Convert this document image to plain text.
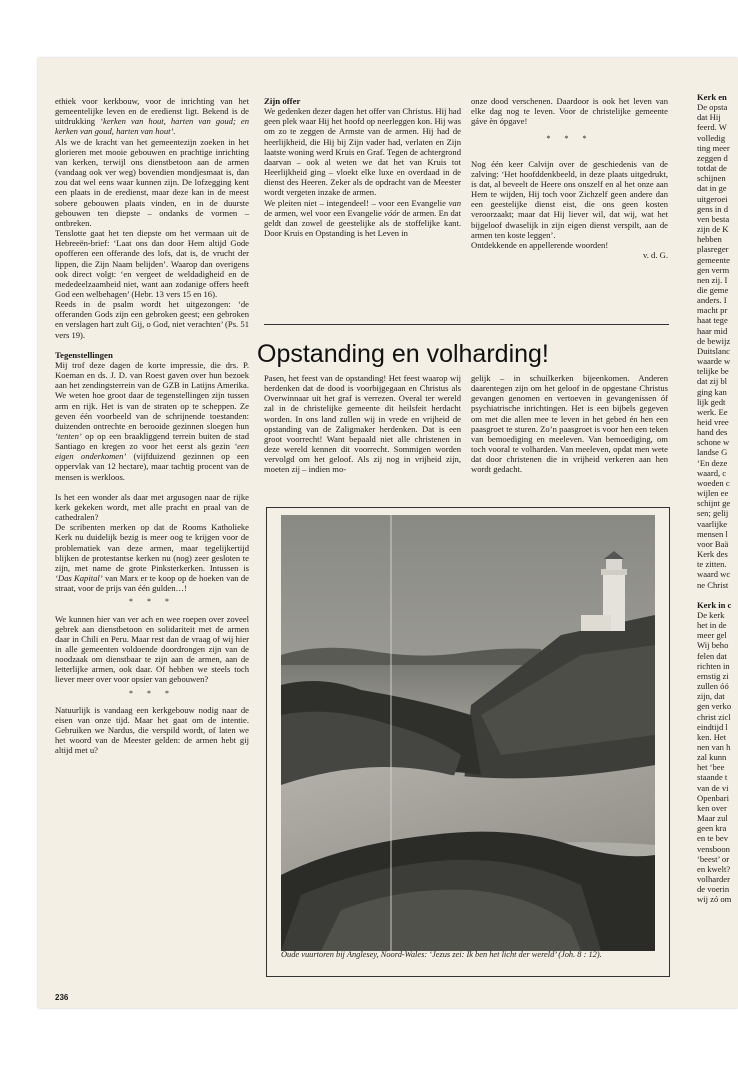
ethiek voor kerkbouw, voor de inrichting van het gemeentelijke leven en de eredienst ligt. Bekend is de uitdrukking ‘kerken van hout, harten van goud; en kerken van goud, harten van hout’.

Als we de kracht van het gemeentezijn zoeken in het glorieren met mooie gebouwen en prachtige inrichting van kerken, terwijl ons dienstbetoon aan de armen (vandaag ook ver weg) bovendien mondjesmaat is, dan zou dat wel eens waar kunnen zijn. De lofzegging kent een plaats in de eredienst, maar deze kan in de meest sobere gebouwen plaats vinden, en in de duurste gebouwen ten diepste – ondanks de vormen – ontbreken.

Tenslotte gaat het ten diepste om het vermaan uit de Hebreeën-brief: ‘Laat ons dan door Hem altijd Gode opofferen een offerande des lofs, dat is, de vrucht der lippen, die Zijn Naam belijden’. Waarop dan overigens ook direct volgt: ‘en vergeet de weldadigheid en de mededeelzaamheid niet, want aan zodanige offers heeft God een welbehagen’ (Hebr. 13 vers 15 en 16).

Reeds in de psalm wordt het uitgezongen: ‘de offeranden Gods zijn een gebroken geest; een gebroken en verslagen hart zult Gij, o God, niet verachten’ (Ps. 51 vers 19).

Tegenstellingen

Mij trof deze dagen de korte impressie, die drs. P. Koeman en ds. J. D. van Roest gaven over hun bezoek aan het zendingsterrein van de GZB in Latijns Amerika. We weten hoe groot daar de tegenstellingen zijn tussen arm en rijk. Het is van de straten op te scheppen. Ze geven één voorbeeld van de schrijnende toestanden: duizenden ontrechte en berooide gezinnen sloegen hun ‘tenten’ op op een braakliggend terrein buiten de stad Santiago en kregen zo voor het eerst als gezin ‘een eigen onderkomen’ (vijfduizend gezinnen op een oppervlak van 12 hectare), maar tachtig procent van de mensen is werkloos.

Is het een wonder als daar met argusogen naar de rijke kerk gekeken wordt, met alle pracht en praal van de cathedralen?

De scribenten merken op dat de Rooms Katholieke Kerk nu duidelijk bezig is meer oog te krijgen voor de problematiek van deze armen, maar tegelijkertijd blijken de protestantse kerken nu (nog) zeer gesloten te zijn, met name de grote Pinksterkerken. Intussen is ‘Das Kapital’ van Marx er te koop op de hoeken van de straat, voor de prijs van één gulden…!

* * *

We kunnen hier van ver ach en wee roepen over zoveel gebrek aan dienstbetoon en solidariteit met de armen daar in Chili en Peru. Maar rest dan de vraag of wij hier in alle gemeenten voldoende doordrongen zijn van de noodzaak om dienstbaar te zijn aan de armen, aan de letterlijke armen, ook daar. Of hebben we steels toch liever meer over voor opsier van gebouwen?

* * *

Natuurlijk is vandaag een kerkgebouw nodig naar de eisen van onze tijd. Maar het gaat om de intentie. Gebruiken we Nardus, die verspild wordt, of laten we het woord van de Meester gelden: de armen hebt gij altijd met u?

Zijn offer

We gedenken dezer dagen het offer van Christus. Hij had geen plek waar Hij het hoofd op neerleggen kon. Hij was om zo te zeggen de Armste van de armen. Hij had de heerlijkheid, die Hij bij Zijn vader had, verlaten en Zijn laatste woning werd Kruis en Graf. Tegen de achtergrond daarvan – ook al weten we dat het van Kruis tot Heerlijkheid ging – vloekt elke luxe en overdaad in de dienst des Heeren. Zeker als de opdracht van de Meester wordt vergeten inzake de armen.

We pleiten niet – integendeel! – voor een Evangelie van de armen, wel voor een Evangelie vóór de armen. En dat geldt dan zowel de geestelijke als de stoffelijke kant. Door Kruis en Opstanding is het Leven in

onze dood verschenen. Daardoor is ook het leven van elke dag nog te leven. Voor de christelijke gemeente gáve èn ópgave!

* * *

Nog één keer Calvijn over de geschiedenis van de zalving: ‘Het hoofddenkbeeld, in deze plaats uitgedrukt, is dat, al beveelt de Heere ons onszelf en al het onze aan Hem te wijden, Hij toch voor Zichzelf geen andere dan een geestelijke dienst eist, die ons geen kosten veroorzaakt; maar dat Hij liever wil, dat wij, wat het bijgeloof dwaselijk in zijn eigen dienst verspilt, aan de armen ten koste leggen’.

Ontdekkende en appellerende woorden!

v. d. G.

Opstanding en volharding!

Pasen, het feest van de opstanding! Het feest waarop wij herdenken dat de dood is voorbijgegaan en Christus als Overwinnaar uit het graf is verrezen. Overal ter wereld zal in de christelijke gemeente dit heilsfeit herdacht worden. In ons land zullen wij in vrede en vrijheid de opstanding van de Zaligmaker herdenken. Dat is een groot voorrecht! Want bepaald niet alle christenen in deze wereld kennen dit voorrecht. Sommigen worden vervolgd om het geloof. Als zij nog in vrijheid zijn, moeten zij – indien mo-

gelijk – in schuilkerken bijeenkomen. Anderen daarentegen zijn om het geloof in de opgestane Christus gevangen genomen en vertoeven in gevangenissen óf psychiatrische inrichtingen. Het is een bijbels gegeven om met die allen mee te leven in het gebed én hen een paasgroet te sturen. Zo’n paasgroet is voor hen een teken van bemoediging en meeleven. Van bemoediging, om toch vooral te volharden. Van meeleven, opdat men wete dat door christenen die in vrijheid verkeren aan hen wordt gedacht.

Oude vuurtoren bij Anglesey, Noord-Wales: ‘Jezus zei: Ik ben het licht der wereld’ (Joh. 8 : 12).
236
Kerk en
De opsta
dat Hij
feerd. W
volledig
ting meer
zeggen d
totdat de
schijnen
dat in ge
uitgeroei
gens in d
ven besta
zijn de K
hebben
plasreger
gemeente
gen verm
nen zij. I
die geme
anders. I
macht pr
haat tege
haar mid
de bewijz
Duitslanc
waarde w
telijke be
dat zij bl
ging kan
lijk gedt
werk. Ee
heid vree
hand des
schone w
landse G
‘En deze
waard, c
woeden c
wijlen ee
schijnt ge
sen; gelij
vaarlijke
mensen l
voor Baä
Kerk des
te zitten.
waard wc
ne Christ

Kerk in c
De kerk
het in de
meer gel
Wij beho
felen dat
richten in
ernstig zi
zullen óó
zijn, dat
gen verko
christ zicl
eindtijd l
ken. Het
nen van h
zal kunn
het ‘bee
staande t
van de vi
Openbari
ken over
Maar zul
geen kra
en te bev
vensboon
‘beest’ or
en kwelt?
volharder
de voerin
wij zó om
